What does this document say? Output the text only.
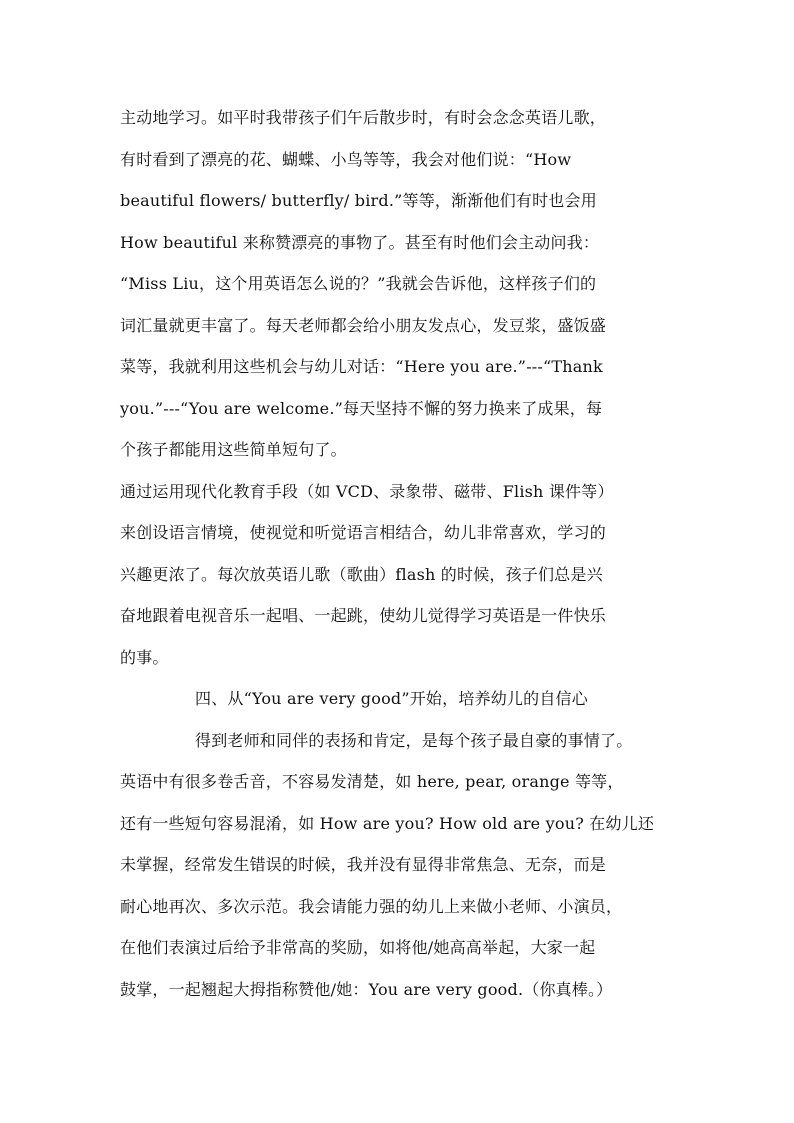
主动地学习。如平时我带孩子们午后散步时，有时会念念英语儿歌，
有时看到了漂亮的花、蝴蝶、小鸟等等，我会对他们说：“How
beautiful flowers/ butterfly/ bird.”等等，渐渐他们有时也会用
How beautiful 来称赞漂亮的事物了。甚至有时他们会主动问我：
“Miss Liu，这个用英语怎么说的？”我就会告诉他，这样孩子们的
词汇量就更丰富了。每天老师都会给小朋友发点心，发豆浆，盛饭盛
菜等，我就利用这些机会与幼儿对话：“Here you are.”---“Thank
you.”---“You are welcome.”每天坚持不懈的努力换来了成果，每
个孩子都能用这些简单短句了。
通过运用现代化教育手段（如 VCD、录象带、磁带、Flish 课件等）
来创设语言情境，使视觉和听觉语言相结合，幼儿非常喜欢，学习的
兴趣更浓了。每次放英语儿歌（歌曲）flash 的时候，孩子们总是兴
奋地跟着电视音乐一起唱、一起跳，使幼儿觉得学习英语是一件快乐
的事。
四、从“You are very good”开始，培养幼儿的自信心
得到老师和同伴的表扬和肯定，是每个孩子最自豪的事情了。
英语中有很多卷舌音，不容易发清楚，如 here, pear, orange 等等，
还有一些短句容易混淆，如 How are you? How old are you? 在幼儿还
未掌握，经常发生错误的时候，我并没有显得非常焦急、无奈，而是
耐心地再次、多次示范。我会请能力强的幼儿上来做小老师、小演员，
在他们表演过后给予非常高的奖励，如将他/她高高举起，大家一起
鼓掌，一起翘起大拇指称赞他/她：You are very good.（你真棒。）
